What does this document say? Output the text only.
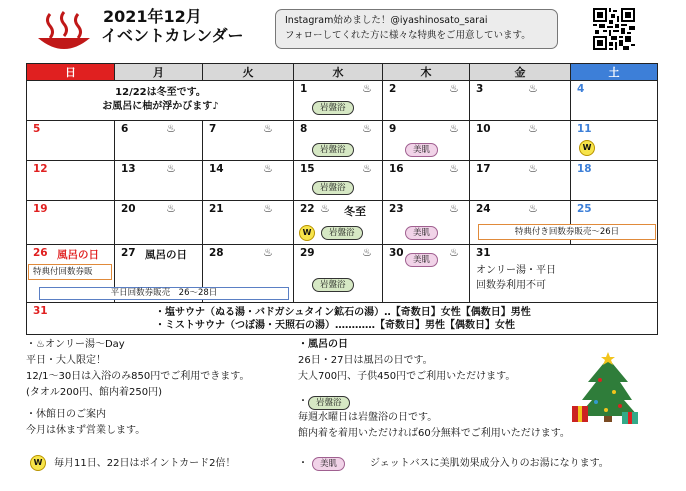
2021年12月
イベントカレンダー
Instagram始めました！@iyashinosato_sarai
フォローしてくれた方に様々な特典をご用意しています。
日	月	火	水	木	金	土
12/22は冬至です。
お風呂に柚が浮かびます♪
1	♨
岩盤浴
2	♨ 3	♨	4
5	6	♨	7	♨	8	♨
岩盤浴
9	♨
美肌
10	♨	11
W
12	13	♨	14	♨	15	♨
岩盤浴
16	♨ 17	♨	18
19	20	♨	21	♨	22 ♨ 冬至
W	岩盤浴
23	♨
美肌
24	♨	25
特典付き回数券販売～26日
26 風呂の日
特典付回数券販
27 風呂の日 28	♨	29	♨
岩盤浴
30	♨
美肌
31
オンリー湯・平日
回数券利用不可
平日回数券販売　26～28日
31	・塩サウナ（ぬる湯・バドガシュタイン鉱石の湯）‥【奇数日】女性【偶数日】男性
・ミストサウナ（つぼ湯・天照石の湯）…………【奇数日】男性【偶数日】女性
・♨オンリー湯～Day
平日・大人限定！
12/1～30日は入浴のみ850円でご利用できます。
(タオル200円、館内着250円)
・休館日のご案内
今月は休まず営業します。
W	毎月11日、22日はポイントカード2倍！
・風呂の日
26日・27日は風呂の日です。
大人700円、子供450円でご利用いただけます。
・ 岩盤浴
毎週水曜日は岩盤浴の日です。
館内着を着用いただければ60分無料でご利用いただけます。
・	美肌	ジェットバスに美肌効果成分入りのお湯になります。
